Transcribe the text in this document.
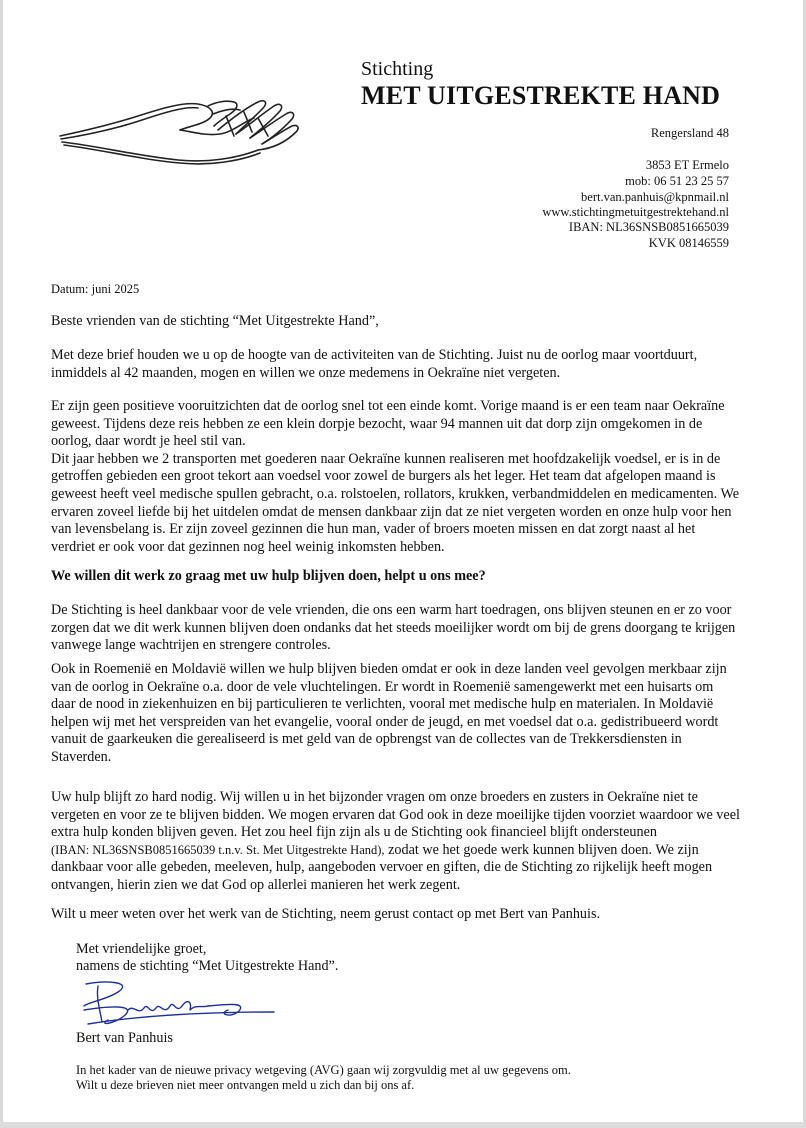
Stichting
MET UITGESTREKTE HAND
Rengersland 48
3853 ET Ermelo
mob: 06 51 23 25 57
bert.van.panhuis@kpnmail.nl
www.stichtingmetuitgestrektehand.nl
IBAN: NL36SNSB0851665039
KVK 08146559
Datum: juni 2025

Beste vrienden van de stichting “Met Uitgestrekte Hand”,

Met deze brief houden we u op de hoogte van de activiteiten van de Stichting. Juist nu de oorlog maar voortduurt, inmiddels al 42 maanden, mogen en willen we onze medemens in Oekraïne niet vergeten.

Er zijn geen positieve vooruitzichten dat de oorlog snel tot een einde komt. Vorige maand is er een team naar Oekraïne geweest. Tijdens deze reis hebben ze een klein dorpje bezocht, waar 94 mannen uit dat dorp zijn omgekomen in de oorlog, daar wordt je heel stil van.

Dit jaar hebben we 2 transporten met goederen naar Oekraïne kunnen realiseren met hoofdzakelijk voedsel, er is in de getroffen gebieden een groot tekort aan voedsel voor zowel de burgers als het leger. Het team dat afgelopen maand is geweest heeft veel medische spullen gebracht, o.a. rolstoelen, rollators, krukken, verbandmiddelen en medicamenten. We ervaren zoveel liefde bij het uitdelen omdat de mensen dankbaar zijn dat ze niet vergeten worden en onze hulp voor hen van levensbelang is. Er zijn zoveel gezinnen die hun man, vader of broers moeten missen en dat zorgt naast al het verdriet er ook voor dat gezinnen nog heel weinig inkomsten hebben.

We willen dit werk zo graag met uw hulp blijven doen, helpt u ons mee?

De Stichting is heel dankbaar voor de vele vrienden, die ons een warm hart toedragen, ons blijven steunen en er zo voor zorgen dat we dit werk kunnen blijven doen ondanks dat het steeds moeilijker wordt om bij de grens doorgang te krijgen vanwege lange wachtrijen en strengere controles.

Ook in Roemenië en Moldavië willen we hulp blijven bieden omdat er ook in deze landen veel gevolgen merkbaar zijn van de oorlog in Oekraïne o.a. door de vele vluchtelingen. Er wordt in Roemenië samengewerkt met een huisarts om daar de nood in ziekenhuizen en bij particulieren te verlichten, vooral met medische hulp en materialen. In Moldavië helpen wij met het verspreiden van het evangelie, vooral onder de jeugd, en met voedsel dat o.a. gedistribueerd wordt vanuit de gaarkeuken die gerealiseerd is met geld van de opbrengst van de collectes van de Trekkersdiensten in Staverden.

Uw hulp blijft zo hard nodig. Wij willen u in het bijzonder vragen om onze broeders en zusters in Oekraïne niet te vergeten en voor ze te blijven bidden. We mogen ervaren dat God ook in deze moeilijke tijden voorziet waardoor we veel extra hulp konden blijven geven. Het zou heel fijn zijn als u de Stichting ook financieel blijft ondersteunen
(IBAN: NL36SNSB0851665039 t.n.v. St. Met Uitgestrekte Hand), zodat we het goede werk kunnen blijven doen. We zijn dankbaar voor alle gebeden, meeleven, hulp, aangeboden vervoer en giften, die de Stichting zo rijkelijk heeft mogen ontvangen, hierin zien we dat God op allerlei manieren het werk zegent.

Wilt u meer weten over het werk van de Stichting, neem gerust contact op met Bert van Panhuis.

Met vriendelijke groet,
namens de stichting “Met Uitgestrekte Hand”.
Bert van Panhuis
In het kader van de nieuwe privacy wetgeving (AVG) gaan wij zorgvuldig met al uw gegevens om.
Wilt u deze brieven niet meer ontvangen meld u zich dan bij ons af.
